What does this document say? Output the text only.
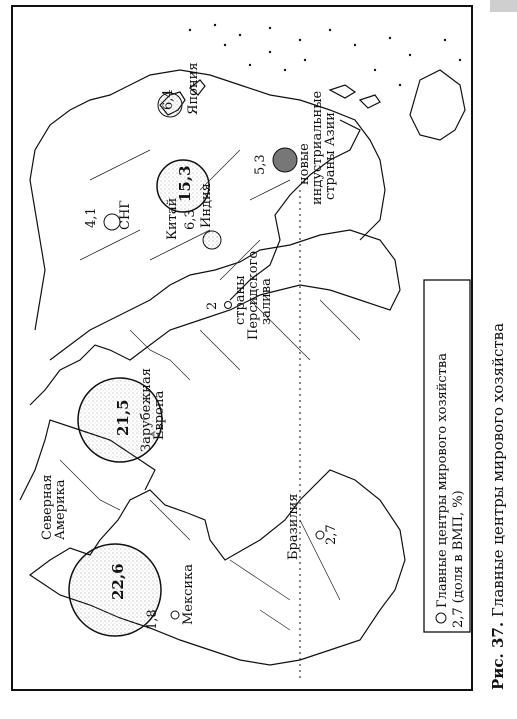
22,6
Северная
Америка
1,8 Мексика
2,7
Бразилия
21,5 Зарубежная
Европа
2 страны
Персидского
залива
4,1 СНГ	6,3 Индия
15,3
Китай
5,3 новые
индустриальные
страны Азии
6,4 Япония
Главные центры мирового хозяйства 2,7 (доля в ВМП, %)
Рис. 37. Главные центры мирового хозяйства
